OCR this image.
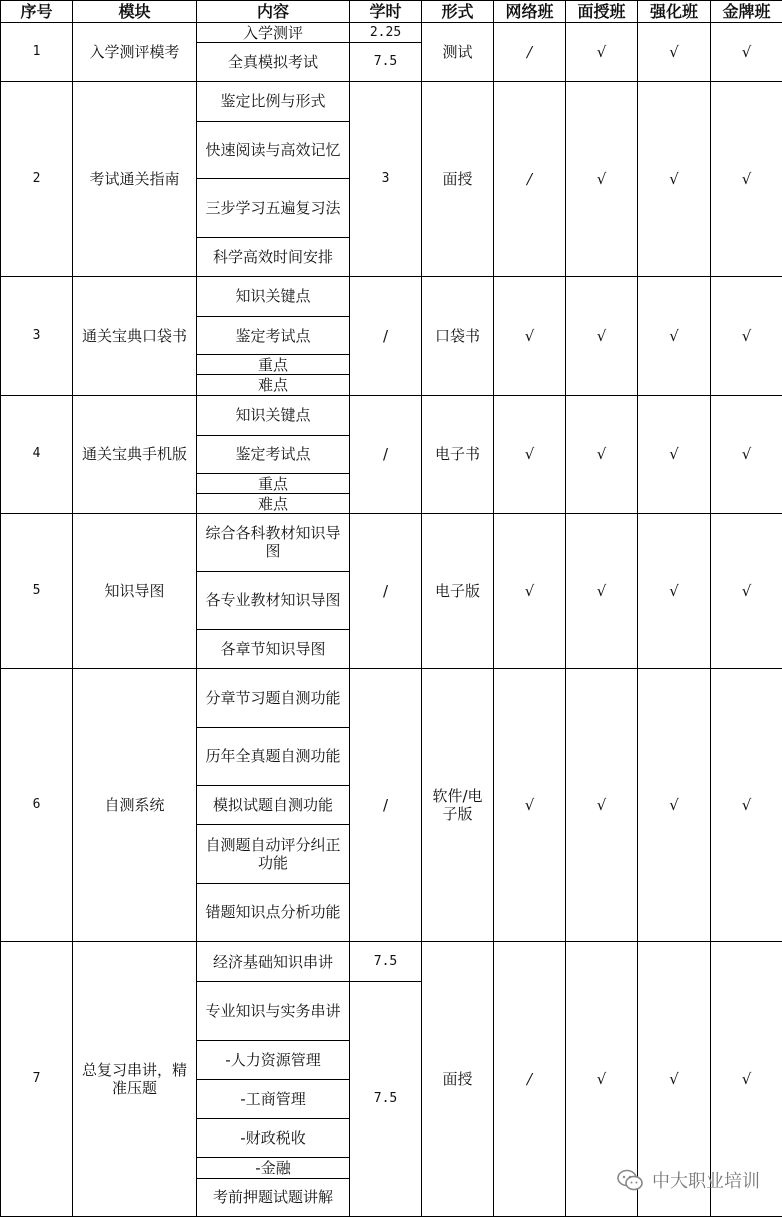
序号	模块	内容	学时	形式	网络班	面授班	强化班	金牌班
1	入学测评模考	入学测评	2.25	测试	/	√	√	√
		全真模拟考试	7.5					
2	考试通关指南	鉴定比例与形式	3	面授	/	√	√	√
		快速阅读与高效记忆						
		三步学习五遍复习法						
		科学高效时间安排						
3	通关宝典口袋书	知识关键点	/	口袋书	√	√	√	√
		鉴定考试点						
		重点						
		难点						
4	通关宝典手机版	知识关键点	/	电子书	√	√	√	√
		鉴定考试点						
		重点						
		难点						
5	知识导图	综合各科教材知识导图	/	电子版	√	√	√	√
		各专业教材知识导图						
		各章节知识导图						
6	自测系统	分章节习题自测功能	/	软件/电子版	√	√	√	√
		历年全真题自测功能						
		模拟试题自测功能						
		自测题自动评分纠正功能						
		错题知识点分析功能						
7	总复习串讲，精准压题	经济基础知识串讲	7.5	面授	/	√	√	√
		专业知识与实务串讲	7.5					
		-人力资源管理						
		-工商管理						
		-财政税收						
		-金融						
		考前押题试题讲解						
中大职业培训
